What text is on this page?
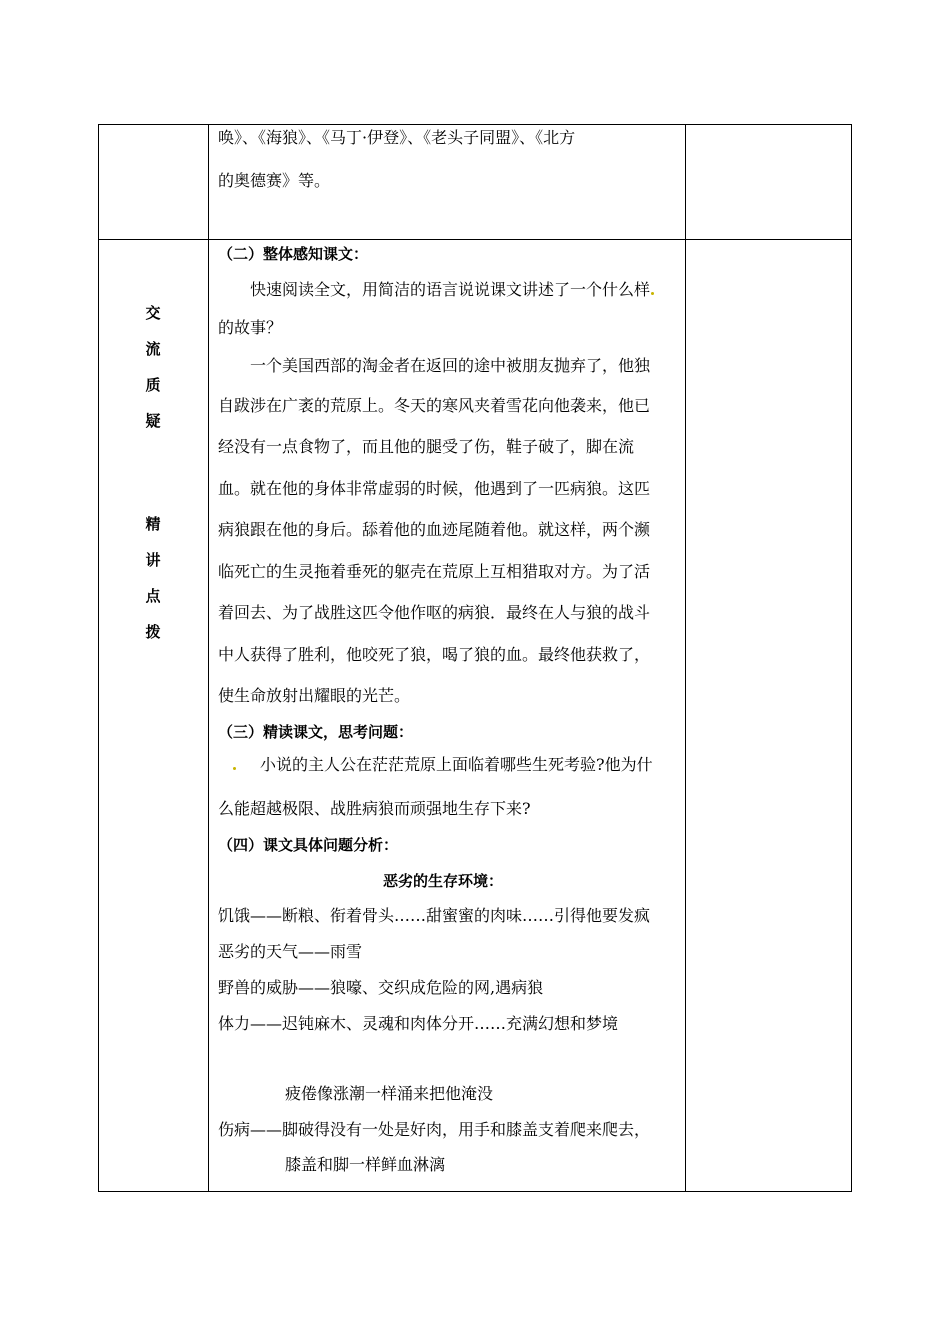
唤》、《海狼》、《马丁·伊登》、《老头子同盟》、《北方
的奥德赛》等。
交
流
质
疑
精
讲
点
拨
（二）整体感知课文：
快速阅读全文，用简洁的语言说说课文讲述了一个什么样
的故事？
一个美国西部的淘金者在返回的途中被朋友抛弃了，他独
自跋涉在广袤的荒原上。冬天的寒风夹着雪花向他袭来，他已
经没有一点食物了，而且他的腿受了伤，鞋子破了，脚在流
血。就在他的身体非常虚弱的时候，他遇到了一匹病狼。这匹
病狼跟在他的身后。舔着他的血迹尾随着他。就这样，两个濒
临死亡的生灵拖着垂死的躯壳在荒原上互相猎取对方。为了活
着回去、为了战胜这匹令他作呕的病狼．最终在人与狼的战斗
中人获得了胜利，他咬死了狼，喝了狼的血。最终他获救了，
使生命放射出耀眼的光芒。
（三）精读课文，思考问题：
小说的主人公在茫茫荒原上面临着哪些生死考验?他为什
么能超越极限、战胜病狼而顽强地生存下来?
（四）课文具体问题分析：
恶劣的生存环境：
饥饿——断粮、衔着骨头……甜蜜蜜的肉味……引得他要发疯
恶劣的天气——雨雪
野兽的威胁——狼嚎、交织成危险的网,遇病狼
体力——迟钝麻木、灵魂和肉体分开……充满幻想和梦境
疲倦像涨潮一样涌来把他淹没
伤病——脚破得没有一处是好肉，用手和膝盖支着爬来爬去，
膝盖和脚一样鲜血淋漓
